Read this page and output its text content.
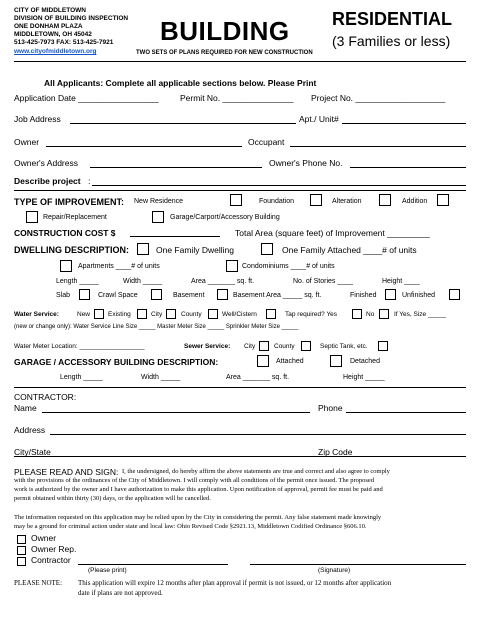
CITY OF MIDDLETOWN
DIVISION OF BUILDING INSPECTION
ONE DONHAM PLAZA
MIDDLETOWN, OH 45042
513-425-7973 FAX: 513-425-7921
www.cityofmiddletown.org
BUILDING RESIDENTIAL
(3 Families or less)
TWO SETS OF PLANS REQUIRED FOR NEW CONSTRUCTION
All Applicants: Complete all applicable sections below. Please Print
Application Date _________________	Permit No. _______________ Project No. ___________________
Job Address	Apt./ Unit#
Owner	Occupant
Owner's Address	Owner's Phone No.
Describe project :
TYPE OF IMPROVEMENT: New Residence	Foundation	Alteration	Addition
Repair/Replacement	Garage/Carport/Accessory Building
CONSTRUCTION COST $	Total Area (square feet) of Improvement _________
DWELLING DESCRIPTION:	One Family Dwelling	One Family Attached ____# of units
Apartments ____# of units	Condominiums ____# of units
Length _____	Width _____	Area _______ sq. ft.	No. of Stories ____	Height ____
Slab	Crawl Space	Basement	Basement Area _____ sq. ft.	Finished	Unfinished
Water Service:	New	Existing	City	County	Well/Cistern	Tap required? Yes	No	If Yes, Size _____
(new or change only): Water Service Line Size _____ Master Meter Size _____ Sprinkler Meter Size _____
Water Meter Location: __________________	Sewer Service: City	County	Septic Tank, etc.
GARAGE / ACCESSORY BUILDING DESCRIPTION:	Attached	Detached
Length _____	Width _____	Area _______ sq. ft.	Height _____
CONTRACTOR:
Name	Phone
Address
City/State	Zip Code
PLEASE READ AND SIGN: I, the undersigned, do hereby affirm the above statements are true and correct and also agree to comply
with the provisions of the ordinances of the City of Middletown. I will comply with all conditions of the permit once issued. The proposed
work is authorized by the owner and I have authorization to make this application. Upon notification of approval, permit fee must be paid and
permit obtained within thirty (30) days, or the application will be cancelled.
The information requested on this application may be relied upon by the City in considering the permit. Any false statement made knowingly
may be a ground for criminal action under state and local law: Ohio Revised Code §2921.13, Middletown Codified Ordinance §606.10.
Owner
Owner Rep.
Contractor
(Please print)	(Signature)
PLEASE NOTE: This application will expire 12 months after plan approval if permit is not issued, or 12 months after application
date if plans are not approved.
